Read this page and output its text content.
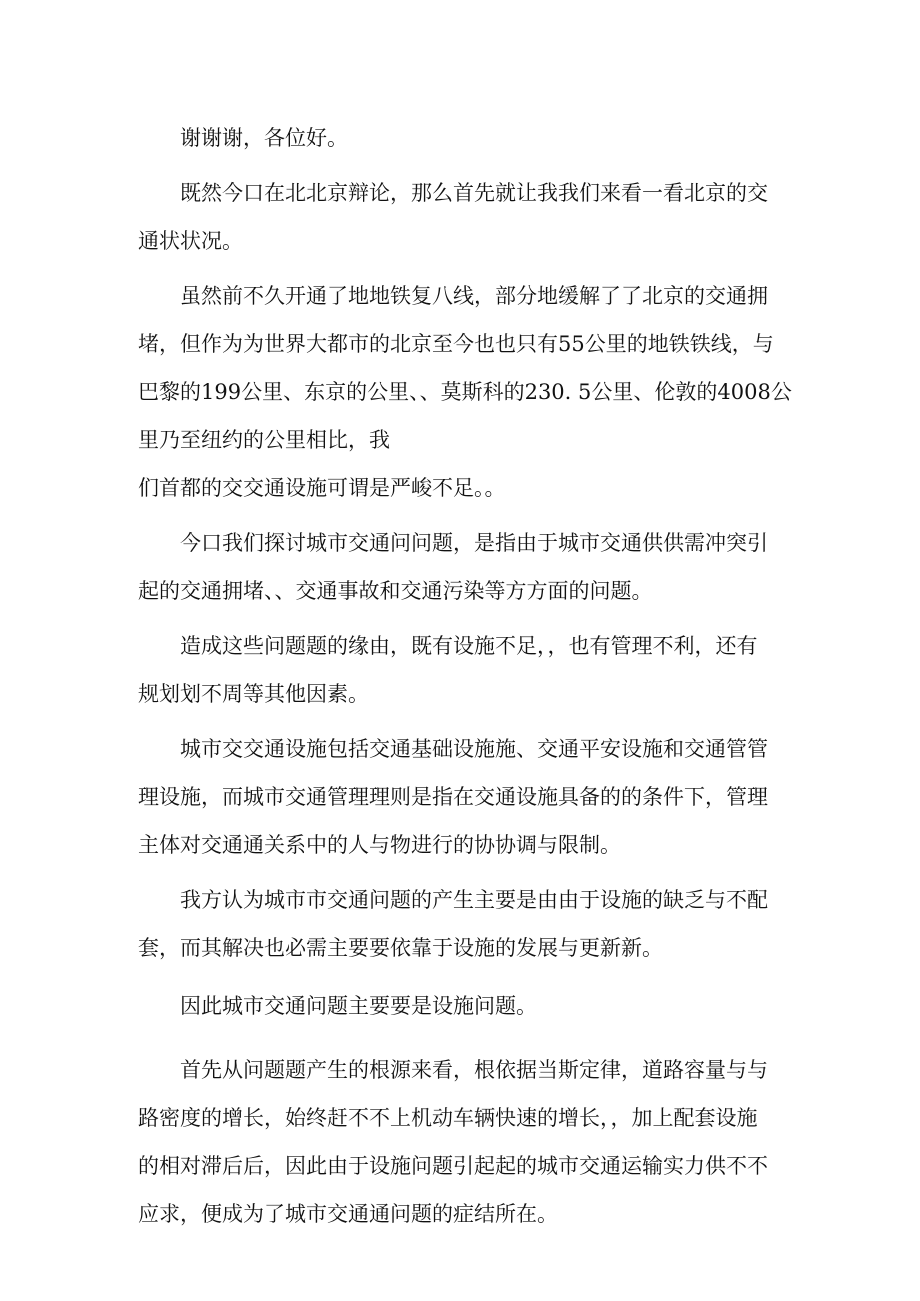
谢谢谢，各位好。
既然今口在北北京辩论，那么首先就让我我们来看一看北京的交
通状状况。
虽然前不久开通了地地铁复八线，部分地缓解了了北京的交通拥
堵，但作为为世界大都市的北京至今也也只有55公里的地铁铁线，与
巴黎的199公里、东京的公里、、莫斯科的230. 5公里、伦敦的4008公
里乃至纽约的公里相比，我
们首都的交交通设施可谓是严峻不足。。
今口我们探讨城市交通问问题，是指由于城市交通供供需冲突引
起的交通拥堵、、交通事故和交通污染等方方面的问题。
造成这些问题题的缘由，既有设施不足，，也有管理不利，还有
规划划不周等其他因素。
城市交交通设施包括交通基础设施施、交通平安设施和交通管管
理设施，而城市交通管理理则是指在交通设施具备的的条件下，管理
主体对交通通关系中的人与物进行的协协调与限制。
我方认为城市市交通问题的产生主要是由由于设施的缺乏与不配
套，而其解决也必需主要要依靠于设施的发展与更新新。
因此城市交通问题主要要是设施问题。
首先从问题题产生的根源来看，根依据当斯定律，道路容量与与
路密度的增长，始终赶不不上机动车辆快速的增长，，加上配套设施
的相对滞后后，因此由于设施问题引起起的城市交通运输实力供不不
应求，便成为了城市交通通问题的症结所在。
